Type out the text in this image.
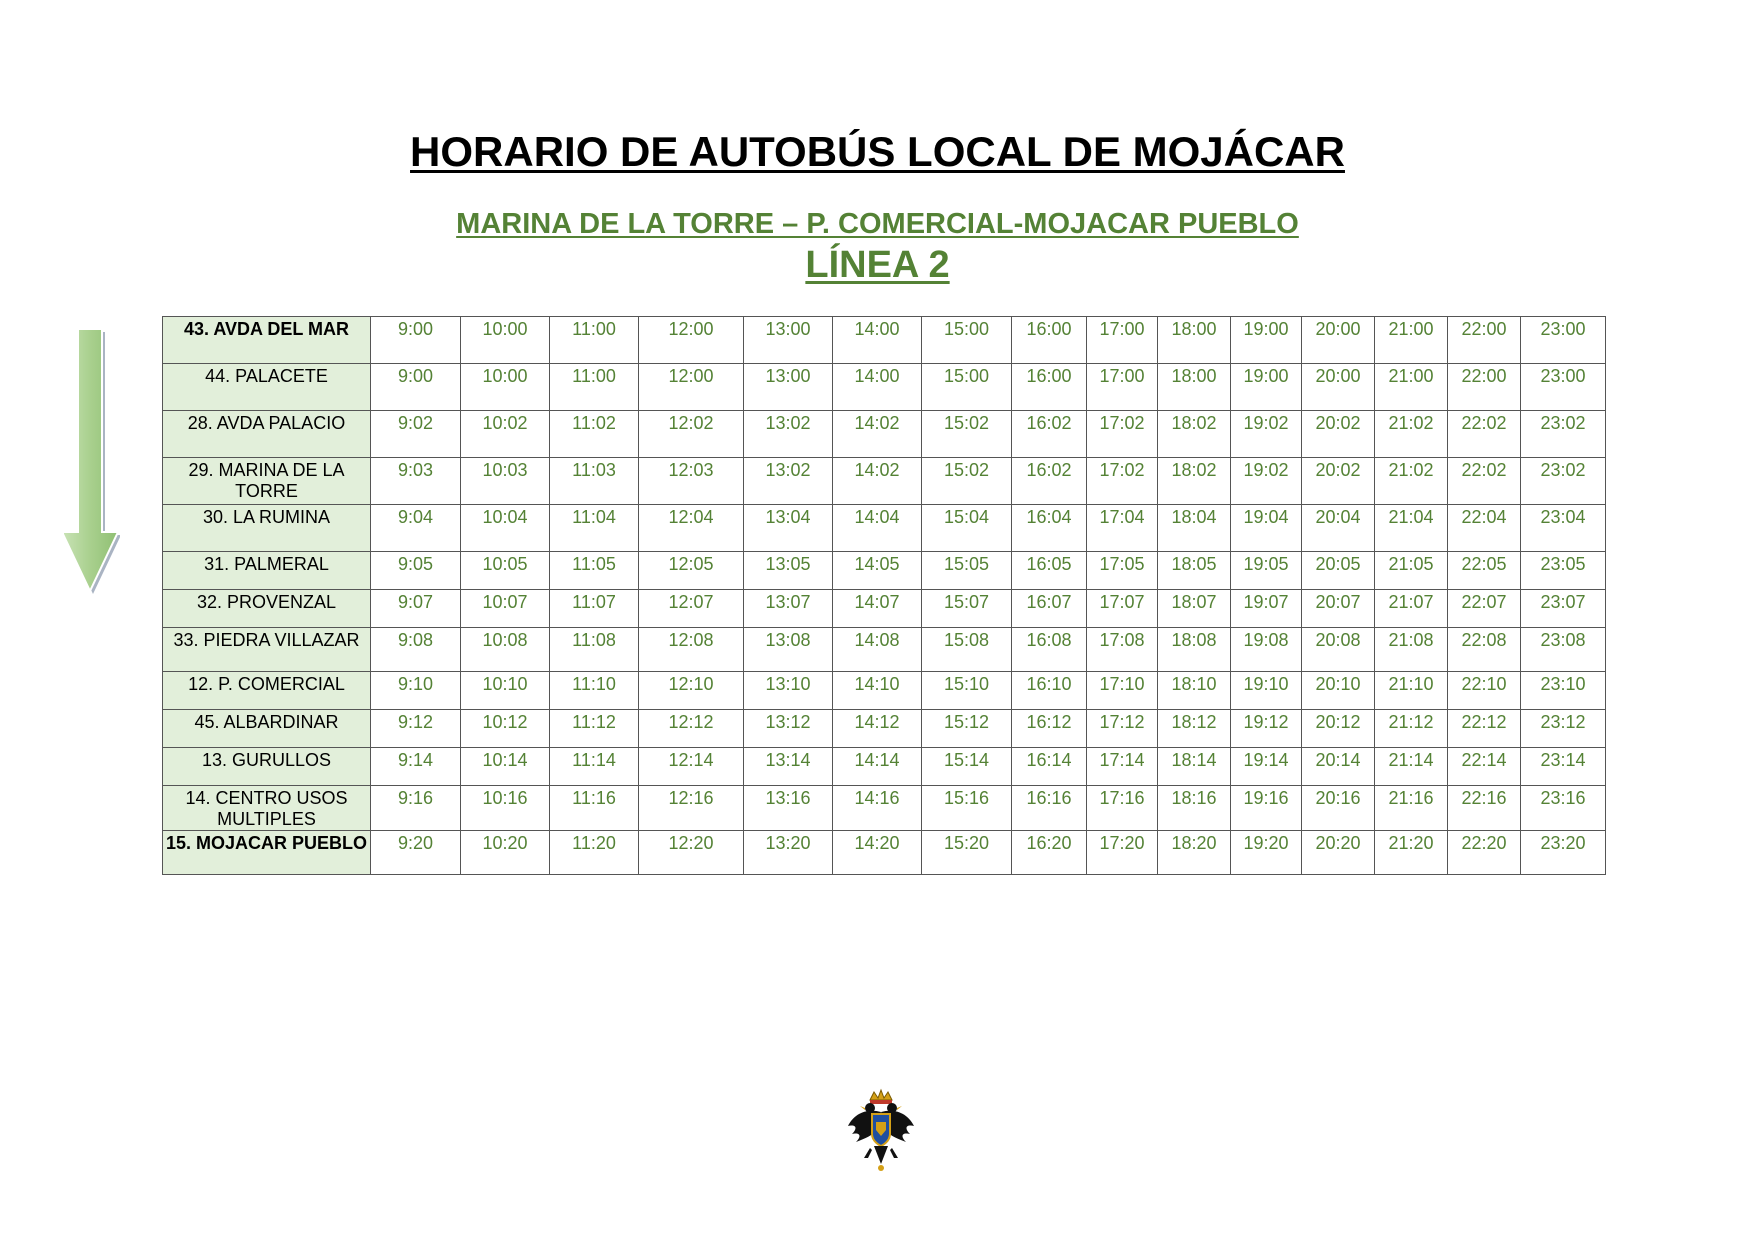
HORARIO DE AUTOBÚS LOCAL DE MOJÁCAR
MARINA DE LA TORRE – P. COMERCIAL-MOJACAR PUEBLO
LÍNEA 2
43. AVDA DEL MAR	9:00	10:00	11:00	12:00	13:00	14:00	15:00	16:00	17:00	18:00	19:00	20:00	21:00	22:00	23:00
44. PALACETE	9:00	10:00	11:00	12:00	13:00	14:00	15:00	16:00	17:00	18:00	19:00	20:00	21:00	22:00	23:00
28. AVDA PALACIO	9:02	10:02	11:02	12:02	13:02	14:02	15:02	16:02	17:02	18:02	19:02	20:02	21:02	22:02	23:02
29. MARINA DE LA TORRE	9:03	10:03	11:03	12:03	13:02	14:02	15:02	16:02	17:02	18:02	19:02	20:02	21:02	22:02	23:02
30. LA RUMINA	9:04	10:04	11:04	12:04	13:04	14:04	15:04	16:04	17:04	18:04	19:04	20:04	21:04	22:04	23:04
31. PALMERAL	9:05	10:05	11:05	12:05	13:05	14:05	15:05	16:05	17:05	18:05	19:05	20:05	21:05	22:05	23:05
32. PROVENZAL	9:07	10:07	11:07	12:07	13:07	14:07	15:07	16:07	17:07	18:07	19:07	20:07	21:07	22:07	23:07
33. PIEDRA VILLAZAR	9:08	10:08	11:08	12:08	13:08	14:08	15:08	16:08	17:08	18:08	19:08	20:08	21:08	22:08	23:08
12. P. COMERCIAL	9:10	10:10	11:10	12:10	13:10	14:10	15:10	16:10	17:10	18:10	19:10	20:10	21:10	22:10	23:10
45. ALBARDINAR	9:12	10:12	11:12	12:12	13:12	14:12	15:12	16:12	17:12	18:12	19:12	20:12	21:12	22:12	23:12
13. GURULLOS	9:14	10:14	11:14	12:14	13:14	14:14	15:14	16:14	17:14	18:14	19:14	20:14	21:14	22:14	23:14
14. CENTRO USOS MULTIPLES	9:16	10:16	11:16	12:16	13:16	14:16	15:16	16:16	17:16	18:16	19:16	20:16	21:16	22:16	23:16
15. MOJACAR PUEBLO	9:20	10:20	11:20	12:20	13:20	14:20	15:20	16:20	17:20	18:20	19:20	20:20	21:20	22:20	23:20
